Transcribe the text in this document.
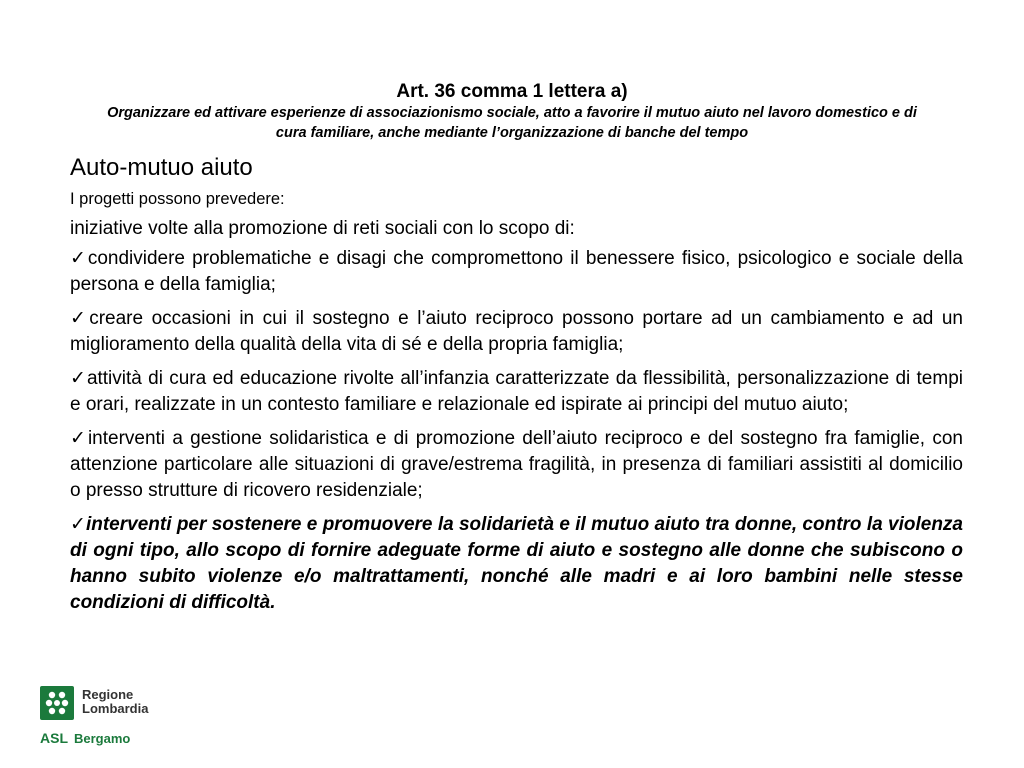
Art. 36 comma 1 lettera a)
Organizzare ed attivare esperienze di associazionismo sociale, atto a favorire il mutuo aiuto nel lavoro domestico e di cura familiare, anche mediante l’organizzazione di banche del tempo
Auto-mutuo aiuto
I progetti possono prevedere:
iniziative volte alla promozione di reti sociali con lo scopo di:
✓condividere problematiche e disagi che compromettono il benessere fisico, psicologico e sociale della persona e della famiglia;
✓creare occasioni in cui il sostegno e l’aiuto reciproco possono portare ad un cambiamento e ad un miglioramento della qualità della vita di sé e della propria famiglia;
✓attività di cura ed educazione rivolte all’infanzia caratterizzate da flessibilità, personalizzazione di tempi e orari, realizzate in un contesto familiare e relazionale ed ispirate ai principi del mutuo aiuto;
✓interventi a gestione solidaristica e di promozione dell’aiuto reciproco e del sostegno fra famiglie, con attenzione particolare alle situazioni di grave/estrema fragilità, in presenza di familiari assistiti al domicilio o presso strutture di ricovero residenziale;
✓interventi per sostenere e promuovere la solidarietà e il mutuo aiuto tra donne, contro la violenza di ogni tipo, allo scopo di fornire adeguate forme di aiuto e sostegno alle donne che subiscono o hanno subito violenze e/o maltrattamenti, nonché alle madri e ai loro bambini nelle stesse condizioni di difficoltà.
Regione
Lombardia
ASL Bergamo
